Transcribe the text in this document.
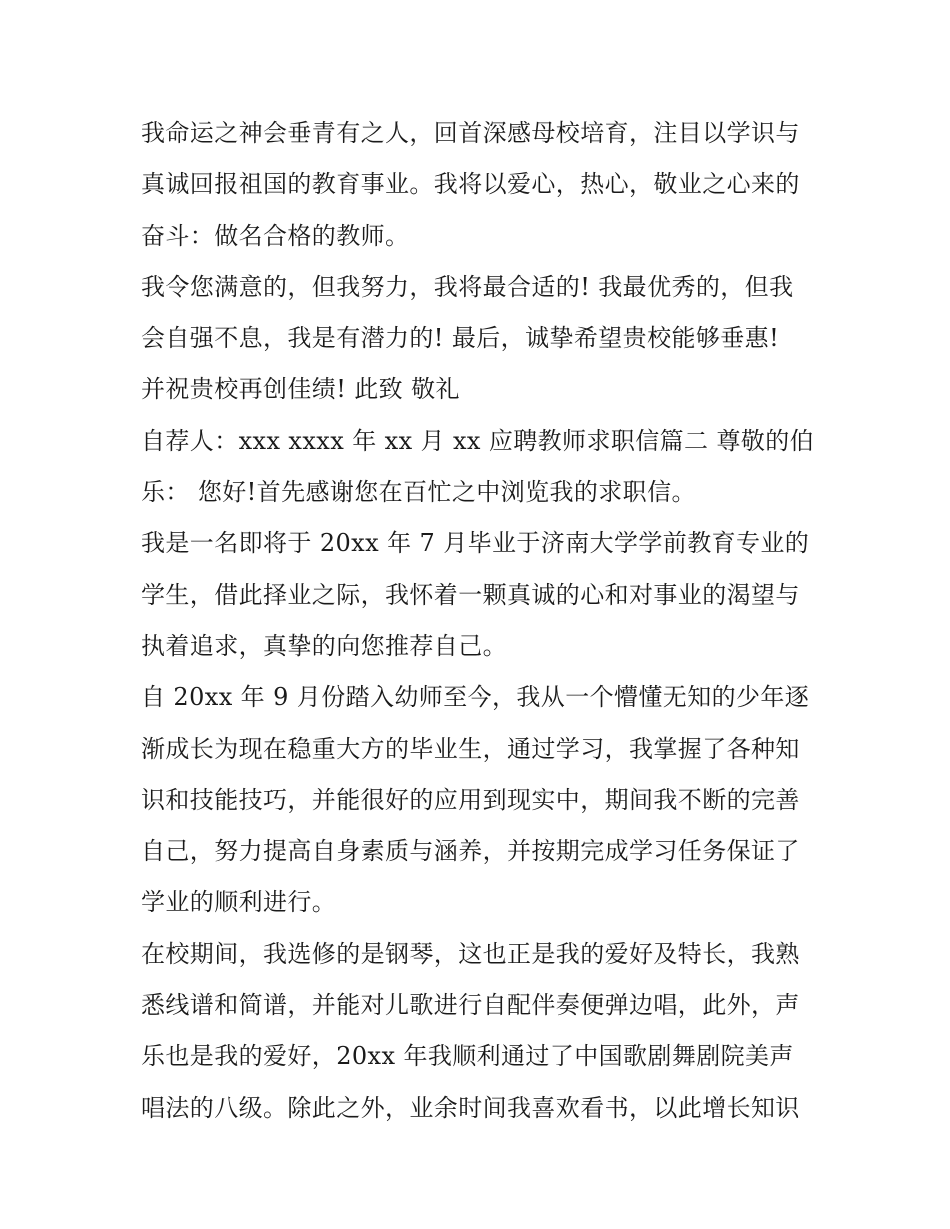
我命运之神会垂青有之人，回首深感母校培育，注目以学识与
真诚回报祖国的教育事业。我将以爱心，热心，敬业之心来的
奋斗：做名合格的教师。
我令您满意的，但我努力，我将最合适的! 我最优秀的，但我
会自强不息，我是有潜力的! 最后，诚挚希望贵校能够垂惠!
并祝贵校再创佳绩! 此致 敬礼
自荐人：xxx xxxx 年 xx 月 xx 应聘教师求职信篇二 尊敬的伯
乐： 您好!首先感谢您在百忙之中浏览我的求职信。
我是一名即将于 20xx 年 7 月毕业于济南大学学前教育专业的
学生，借此择业之际，我怀着一颗真诚的心和对事业的渴望与
执着追求，真挚的向您推荐自己。
自 20xx 年 9 月份踏入幼师至今，我从一个懵懂无知的少年逐
渐成长为现在稳重大方的毕业生，通过学习，我掌握了各种知
识和技能技巧，并能很好的应用到现实中，期间我不断的完善
自己，努力提高自身素质与涵养，并按期完成学习任务保证了
学业的顺利进行。
在校期间，我选修的是钢琴，这也正是我的爱好及特长，我熟
悉线谱和简谱，并能对儿歌进行自配伴奏便弹边唱，此外，声
乐也是我的爱好，20xx 年我顺利通过了中国歌剧舞剧院美声
唱法的八级。除此之外，业余时间我喜欢看书，以此增长知识
